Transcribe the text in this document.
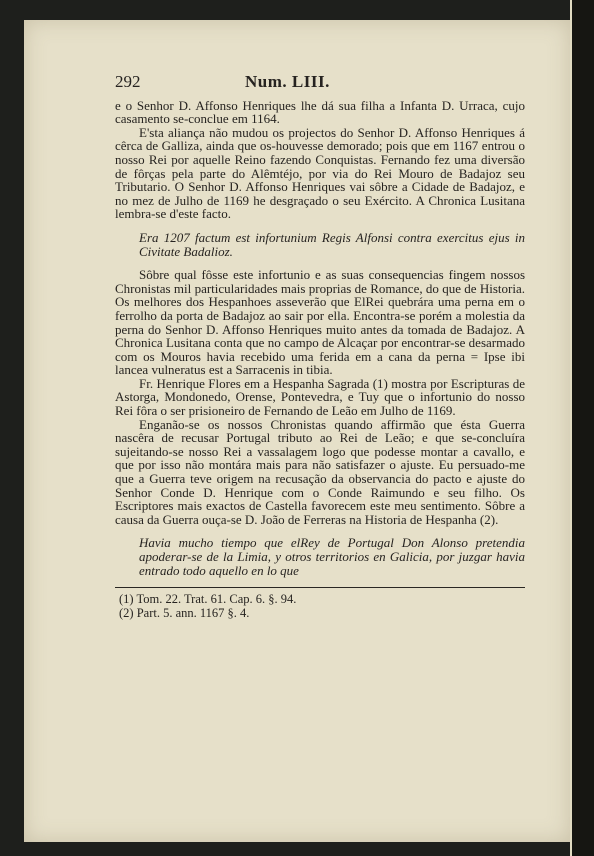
292	Num. LIII.

e o Senhor D. Affonso Henriques lhe dá sua filha a Infanta D. Urraca, cujo casamento se-conclue em 1164.

E'sta aliança não mudou os projectos do Senhor D. Affonso Henriques á cêrca de Galliza, ainda que os-houvesse demorado; pois que em 1167 entrou o nosso Rei por aquelle Reino fazendo Conquistas. Fernando fez uma diversão de fôrças pela parte do Alêmtéjo, por via do Rei Mouro de Badajoz seu Tributario. O Senhor D. Affonso Henriques vai sôbre a Cidade de Badajoz, e no mez de Julho de 1169 he desgraçado o seu Exército. A Chronica Lusitana lembra-se d'este facto.

Era 1207 factum est infortunium Regis Alfonsi contra exercitus ejus in Civitate Badalioz.

Sôbre qual fôsse este infortunio e as suas consequencias fingem nossos Chronistas mil particularidades mais proprias de Romance, do que de Historia. Os melhores dos Hespanhoes asseverão que ElRei quebrára uma perna em o ferrolho da porta de Badajoz ao sair por ella. Encontra-se porém a molestia da perna do Senhor D. Affonso Henriques muito antes da tomada de Badajoz. A Chronica Lusitana conta que no campo de Alcaçar por encontrar-se desarmado com os Mouros havia recebido uma ferida em a cana da perna = Ipse ibi lancea vulneratus est a Sarracenis in tibia.

Fr. Henrique Flores em a Hespanha Sagrada (1) mostra por Escripturas de Astorga, Mondonedo, Orense, Pontevedra, e Tuy que o infortunio do nosso Rei fôra o ser prisioneiro de Fernando de Leão em Julho de 1169.

Enganão-se os nossos Chronistas quando affirmão que ésta Guerra nascêra de recusar Portugal tributo ao Rei de Leão; e que se-concluíra sujeitando-se nosso Rei a vassalagem logo que podesse montar a cavallo, e que por isso não montára mais para não satisfazer o ajuste. Eu persuado-me que a Guerra teve origem na recusação da observancia do pacto e ajuste do Senhor Conde D. Henrique com o Conde Raimundo e seu filho. Os Escriptores mais exactos de Castella favorecem este meu sentimento. Sôbre a causa da Guerra ouça-se D. João de Ferreras na Historia de Hespanha (2).

Havia mucho tiempo que elRey de Portugal Don Alonso pretendia apoderar-se de la Limia, y otros territorios en Galicia, por juzgar havia entrado todo aquello en lo que
(1) Tom. 22. Trat. 61. Cap. 6. §. 94.
(2) Part. 5. ann. 1167 §. 4.
